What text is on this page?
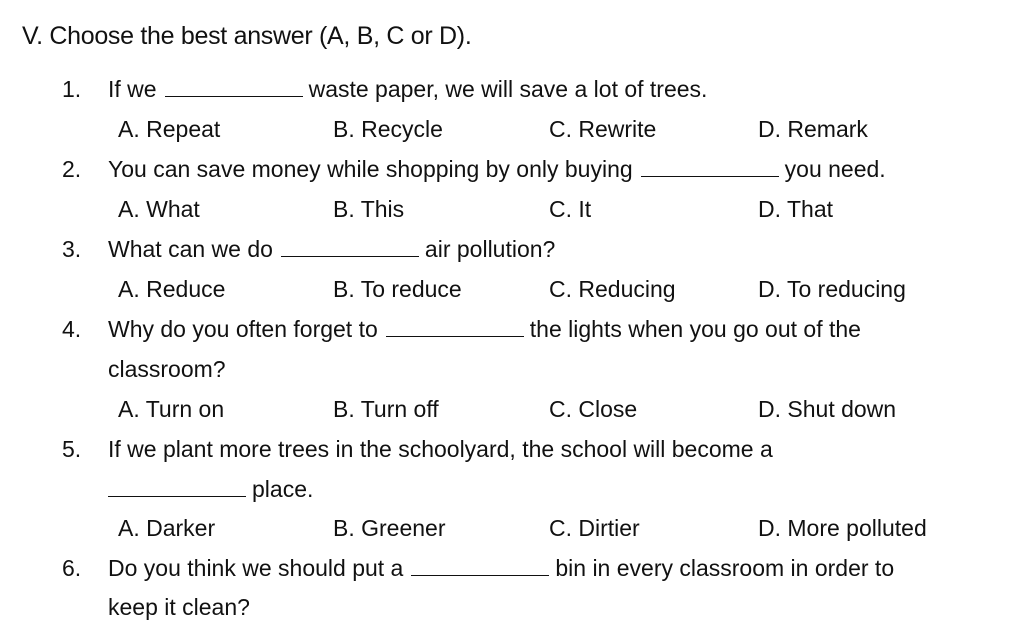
V. Choose the best answer (A, B, C or D).
1. If we	waste paper, we will save a lot of trees.
A. Repeat	B. Recycle	C. Rewrite	D. Remark
2. You can save money while shopping by only buying	you need.
A. What	B. This	C. It	D. That
3. What can we do	air pollution?
A. Reduce	B. To reduce	C. Reducing	D. To reducing
4. Why do you often forget to	the lights when you go out of the
classroom?
A. Turn on	B. Turn off	C. Close	D. Shut down
5. If we plant more trees in the schoolyard, the school will become a
place.
A. Darker	B. Greener	C. Dirtier	D. More polluted
6. Do you think we should put a	bin in every classroom in order to
keep it clean?
